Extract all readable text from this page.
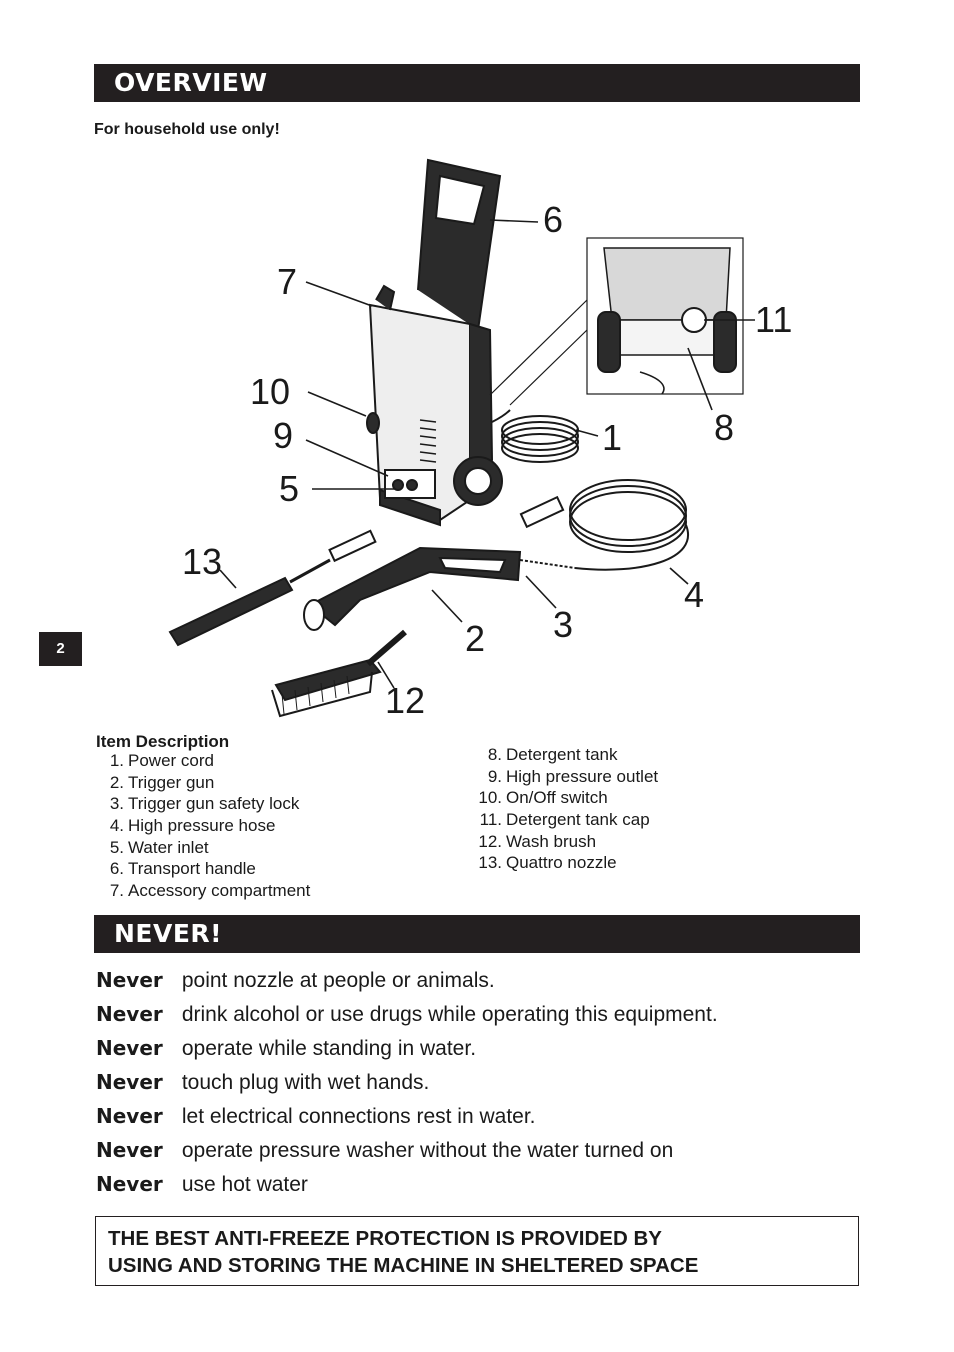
OVERVIEW
For household use only!
2
1
2 3
4
5
6
7
8
9
10
11
12
13
Item Description
1. Power cord
2. Trigger gun
3. Trigger gun safety lock
4. High pressure hose
5. Water inlet
6. Transport handle
7. Accessory compartment
8. Detergent tank
9. High pressure outlet
10. On/Off switch
11. Detergent tank cap
12. Wash brush
13. Quattro nozzle
NEVER!
Never point nozzle at people or animals.
Never drink alcohol or use drugs while operating this equipment.
Never operate while standing in water.
Never touch plug with wet hands.
Never let electrical connections rest in water.
Never operate pressure washer without the water turned on
Never use hot water
THE BEST ANTI-FREEZE PROTECTION IS PROVIDED BY
USING AND STORING THE MACHINE IN SHELTERED SPACE
